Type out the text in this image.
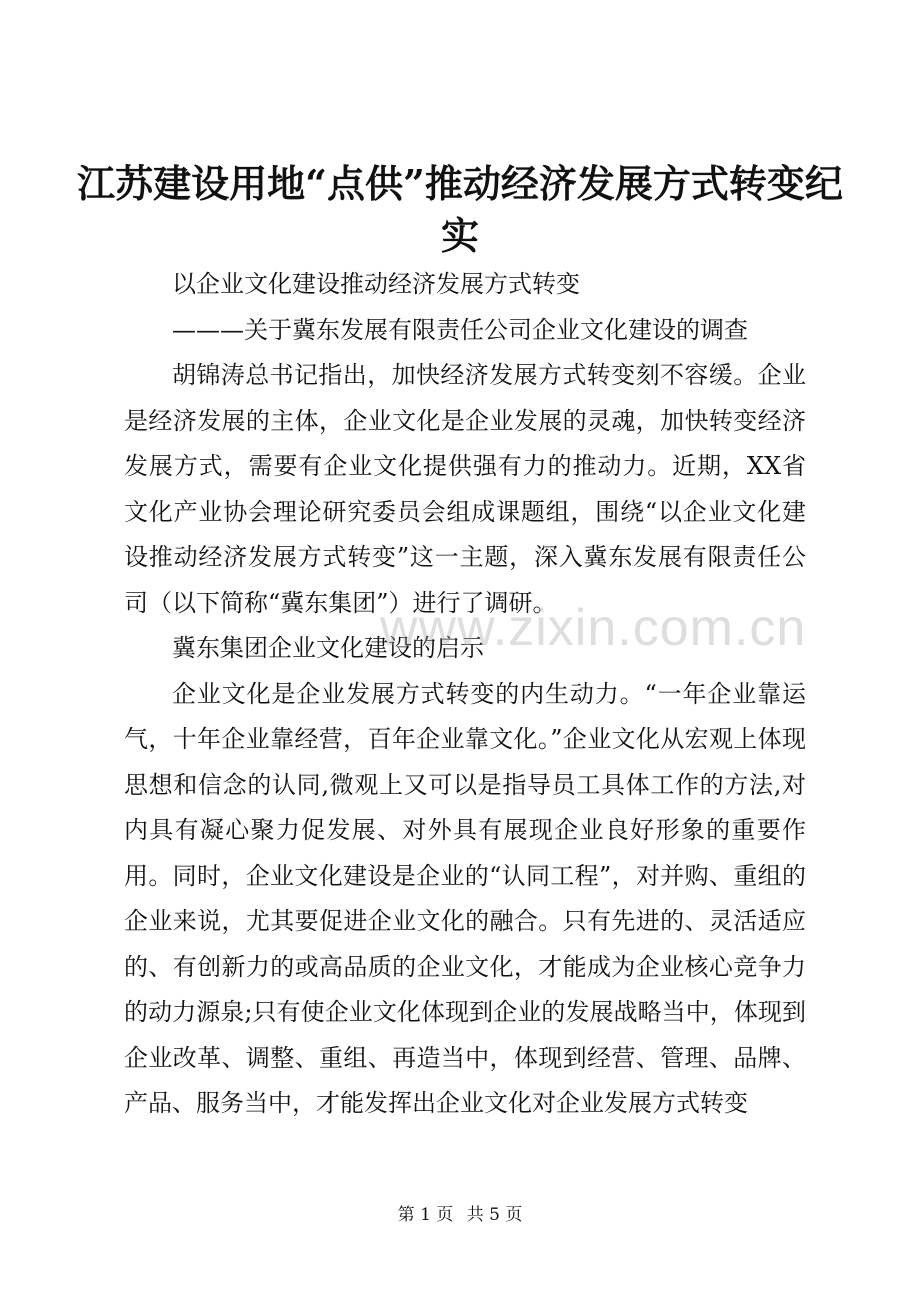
江苏建设用地“点供”推动经济发展方式转变纪实

以企业文化建设推动经济发展方式转变

———关于冀东发展有限责任公司企业文化建设的调查

胡锦涛总书记指出，加快经济发展方式转变刻不容缓。企业是经济发展的主体，企业文化是企业发展的灵魂，加快转变经济发展方式，需要有企业文化提供强有力的推动力。近期，XX省文化产业协会理论研究委员会组成课题组，围绕“以企业文化建设推动经济发展方式转变”这一主题，深入冀东发展有限责任公司（以下简称“冀东集团”）进行了调研。

冀东集团企业文化建设的启示

企业文化是企业发展方式转变的内生动力。“一年企业靠运气，十年企业靠经营，百年企业靠文化。”企业文化从宏观上体现思想和信念的认同,微观上又可以是指导员工具体工作的方法,对内具有凝心聚力促发展、对外具有展现企业良好形象的重要作用。同时，企业文化建设是企业的“认同工程”，对并购、重组的企业来说，尤其要促进企业文化的融合。只有先进的、灵活适应的、有创新力的或高品质的企业文化，才能成为企业核心竞争力的动力源泉;只有使企业文化体现到企业的发展战略当中，体现到企业改革、调整、重组、再造当中，体现到经营、管理、品牌、产品、服务当中，才能发挥出企业文化对企业发展方式转变

www.zixin.com.cn
第 1 页 共 5 页
